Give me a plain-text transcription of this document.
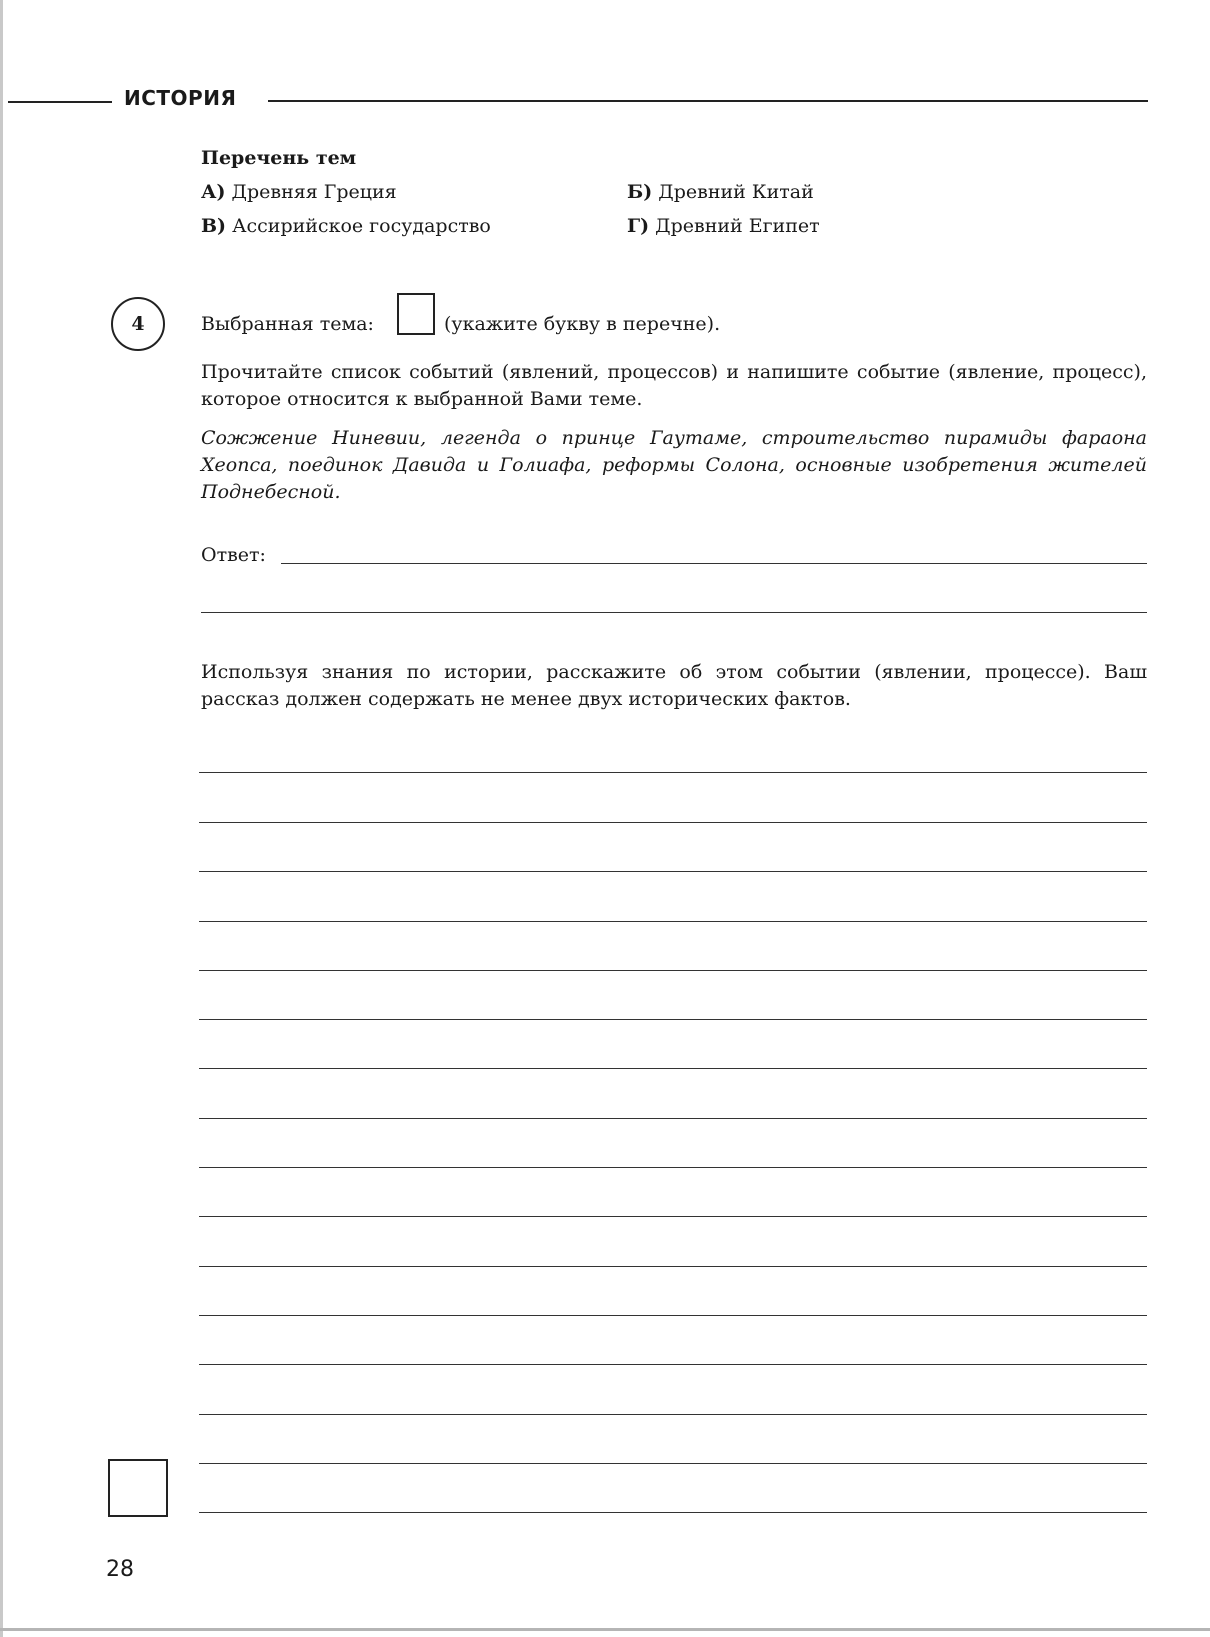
ИСТОРИЯ
Перечень тем
А) Древняя Греция	Б) Древний Китай
В) Ассирийское государство	Г) Древний Египет
4	Выбранная тема:	(укажите букву в перечне).

Прочитайте список событий (явлений, процессов) и напишите событие (явление, процесс), которое относится к выбранной Вами теме.

Сожжение Ниневии, легенда о принце Гаутаме, строительство пирамиды фараона Хеопса, поединок Давида и Голиафа, реформы Солона, основные изобретения жителей Поднебесной.

Ответ:

Используя знания по истории, расскажите об этом событии (явлении, процессе). Ваш рассказ должен содержать не менее двух исторических фактов.

28
